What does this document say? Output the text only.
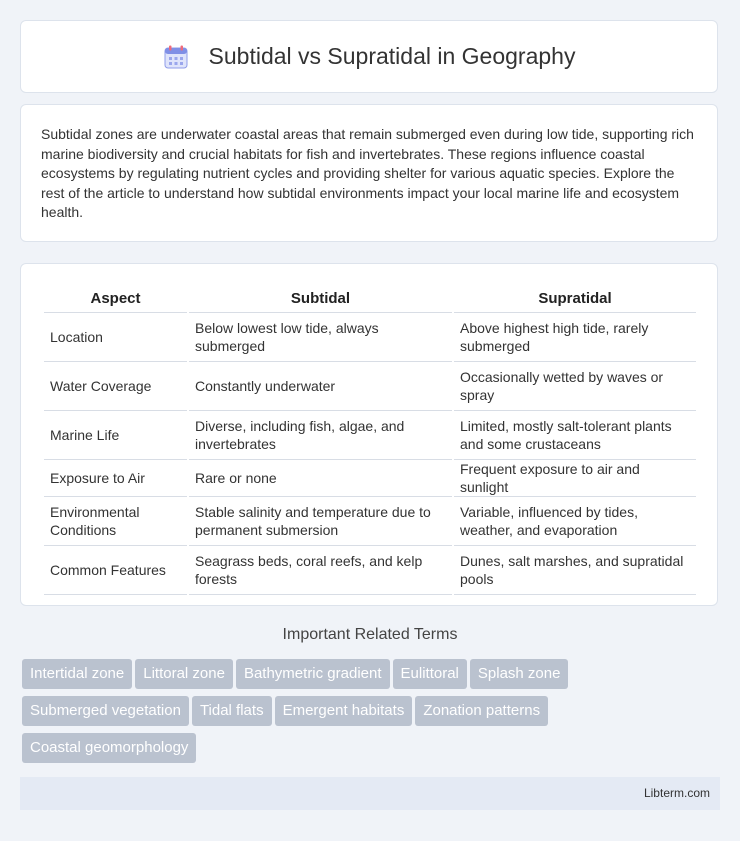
Subtidal vs Supratidal in Geography

Subtidal zones are underwater coastal areas that remain submerged even during low tide, supporting rich marine biodiversity and crucial habitats for fish and invertebrates. These regions influence coastal ecosystems by regulating nutrient cycles and providing shelter for various aquatic species. Explore the rest of the article to understand how subtidal environments impact your local marine life and ecosystem health.

Aspect	Subtidal	Supratidal
Location	Below lowest low tide, always submerged	Above highest high tide, rarely submerged
Water Coverage	Constantly underwater	Occasionally wetted by waves or spray
Marine Life	Diverse, including fish, algae, and invertebrates	Limited, mostly salt-tolerant plants and some crustaceans
Exposure to Air	Rare or none	Frequent exposure to air and sunlight
Environmental Conditions	Stable salinity and temperature due to permanent submersion	Variable, influenced by tides, weather, and evaporation
Common Features	Seagrass beds, coral reefs, and kelp forests	Dunes, salt marshes, and supratidal pools
Important Related Terms
Intertidal zone Littoral zone Bathymetric gradient Eulittoral Splash zone
Submerged vegetation Tidal flats Emergent habitats Zonation patterns
Coastal geomorphology
Libterm.com
